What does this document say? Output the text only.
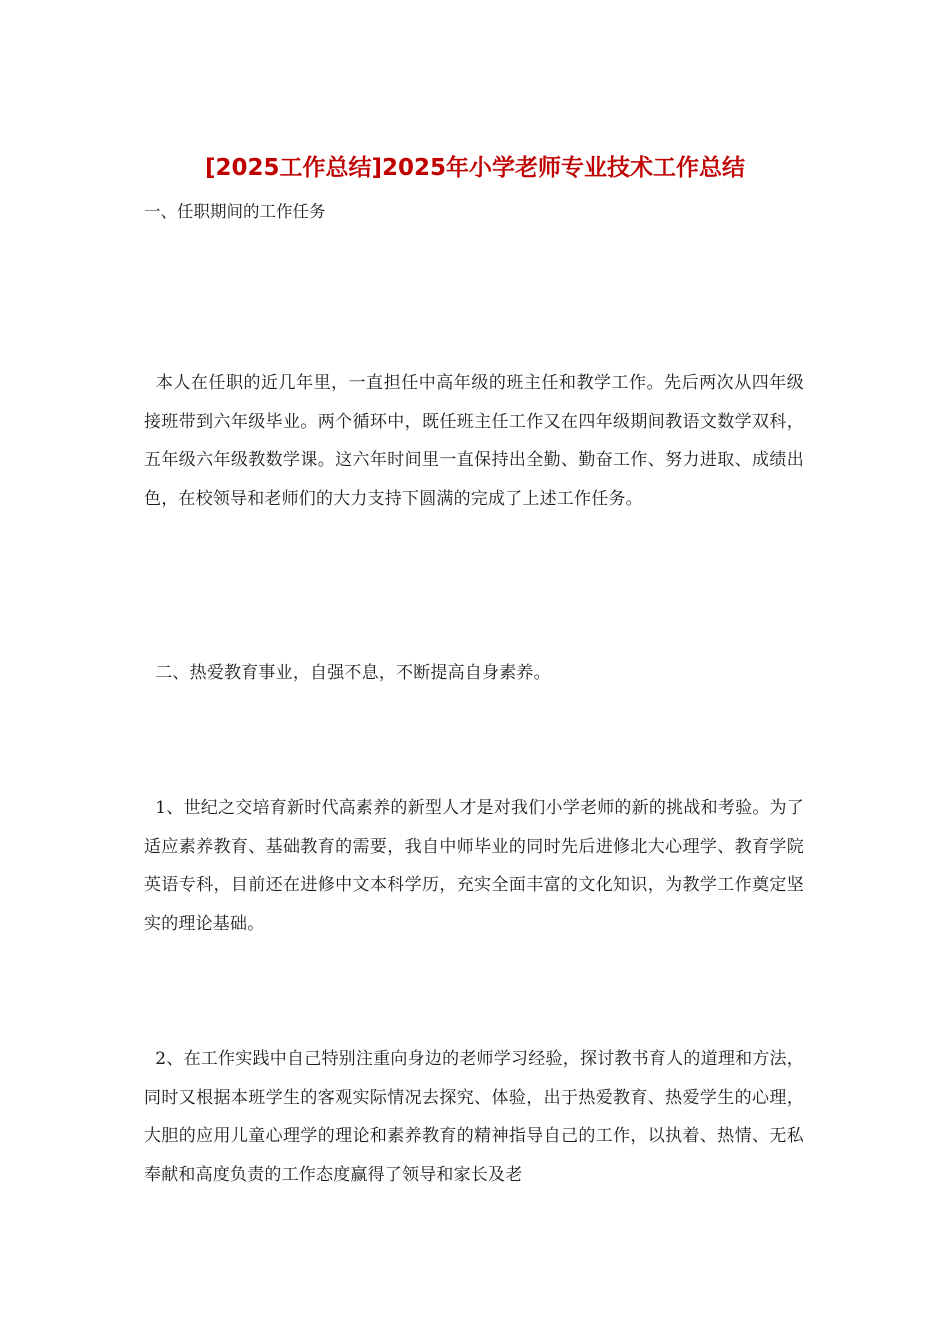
[2025工作总结]2025年小学老师专业技术工作总结
一、任职期间的工作任务
本人在任职的近几年里，一直担任中高年级的班主任和教学工作。先后两次从四年级接班带到六年级毕业。两个循环中，既任班主任工作又在四年级期间教语文数学双科，五年级六年级教数学课。这六年时间里一直保持出全勤、勤奋工作、努力进取、成绩出色，在校领导和老师们的大力支持下圆满的完成了上述工作任务。
二、热爱教育事业，自强不息，不断提高自身素养。
1、世纪之交培育新时代高素养的新型人才是对我们小学老师的新的挑战和考验。为了适应素养教育、基础教育的需要，我自中师毕业的同时先后进修北大心理学、教育学院英语专科，目前还在进修中文本科学历，充实全面丰富的文化知识，为教学工作奠定坚实的理论基础。
2、在工作实践中自己特别注重向身边的老师学习经验，探讨教书育人的道理和方法，同时又根据本班学生的客观实际情况去探究、体验，出于热爱教育、热爱学生的心理，大胆的应用儿童心理学的理论和素养教育的精神指导自己的工作，以执着、热情、无私奉献和高度负责的工作态度赢得了领导和家长及老
